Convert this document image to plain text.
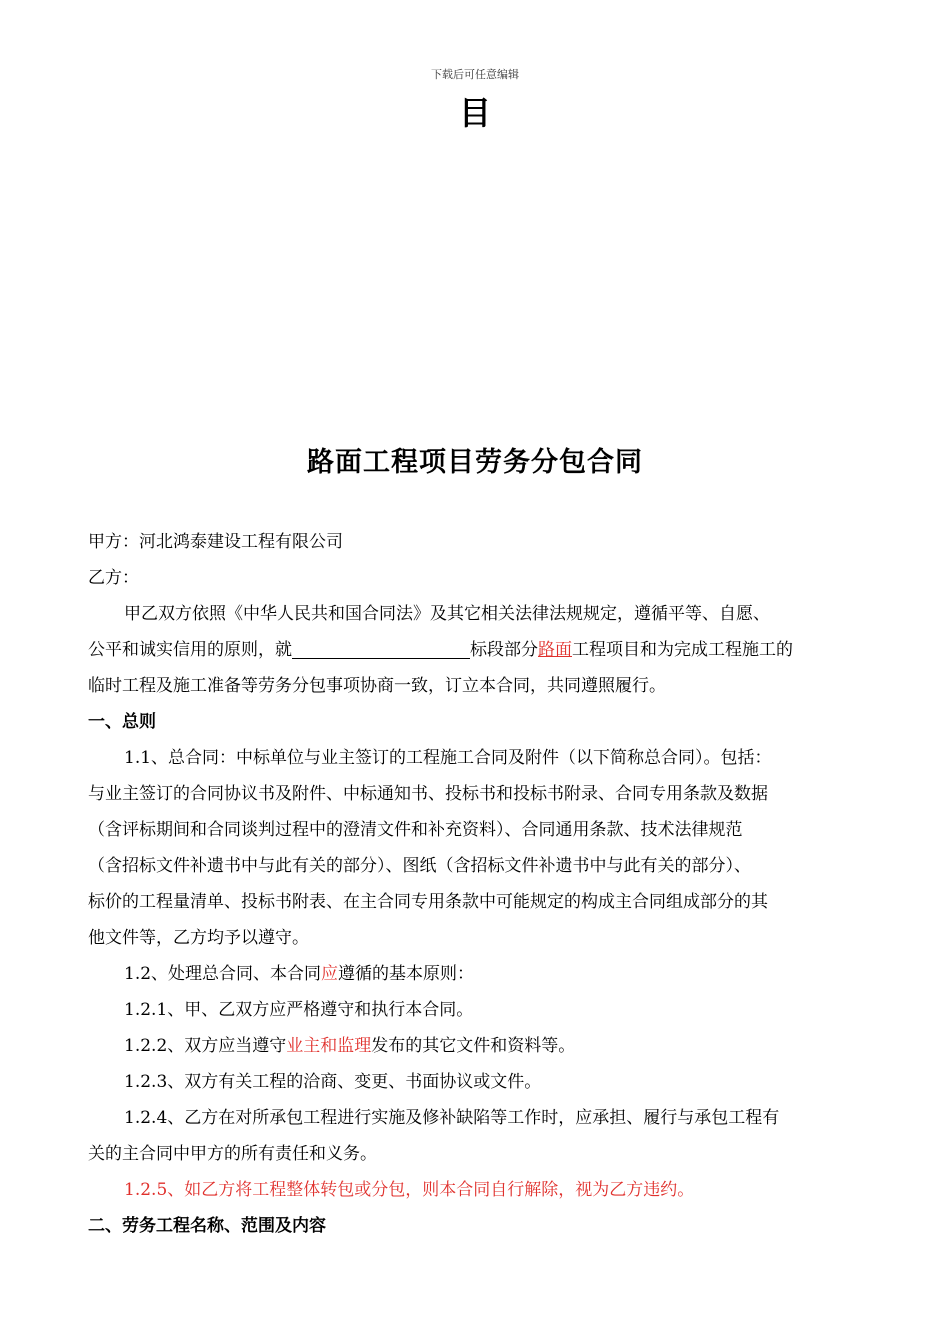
下载后可任意编辑
目
路面工程项目劳务分包合同
甲方：河北鸿泰建设工程有限公司
乙方：
甲乙双方依照《中华人民共和国合同法》及其它相关法律法规规定，遵循平等、自愿、
公平和诚实信用的原则，就	标段部分路面工程项目和为完成工程施工的
临时工程及施工准备等劳务分包事项协商一致，订立本合同，共同遵照履行。
一、总则
1.1、总合同：中标单位与业主签订的工程施工合同及附件（以下简称总合同）。包括：
与业主签订的合同协议书及附件、中标通知书、投标书和投标书附录、合同专用条款及数据
（含评标期间和合同谈判过程中的澄清文件和补充资料）、合同通用条款、技术法律规范
（含招标文件补遗书中与此有关的部分）、图纸（含招标文件补遗书中与此有关的部分）、
标价的工程量清单、投标书附表、在主合同专用条款中可能规定的构成主合同组成部分的其
他文件等，乙方均予以遵守。
1.2、处理总合同、本合同应遵循的基本原则：
1.2.1、甲、乙双方应严格遵守和执行本合同。
1.2.2、双方应当遵守业主和监理发布的其它文件和资料等。
1.2.3、双方有关工程的洽商、变更、书面协议或文件。
1.2.4、乙方在对所承包工程进行实施及修补缺陷等工作时，应承担、履行与承包工程有
关的主合同中甲方的所有责任和义务。
1.2.5、如乙方将工程整体转包或分包，则本合同自行解除，视为乙方违约。
二、劳务工程名称、范围及内容
